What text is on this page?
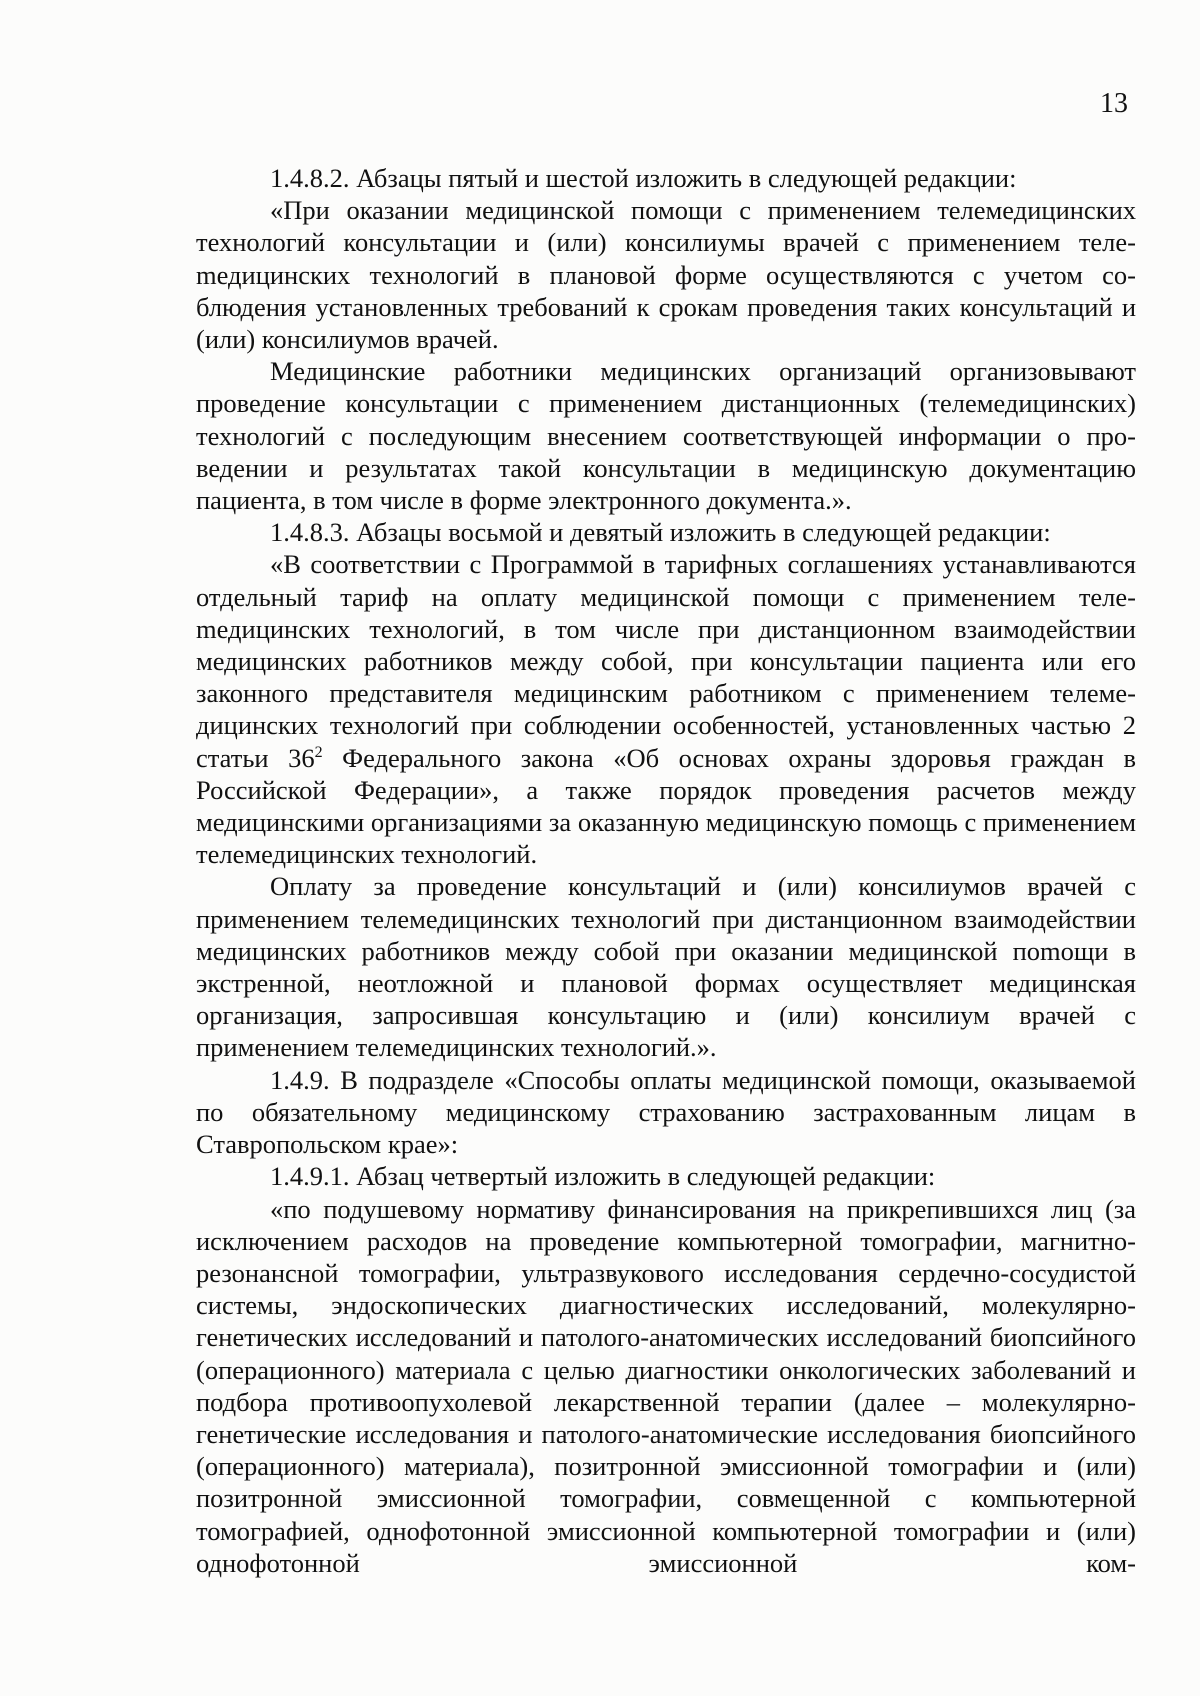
13

1.4.8.2. Абзацы пятый и шестой изложить в следующей редакции:

«При оказании медицинской помощи с применением телемедицинских технологий консультации и (или) консилиумы врачей с применением телеmедицинских технологий в плановой форме осуществляются с учетом соблюдения установленных требований к срокам проведения таких консультаций и (или) консилиумов врачей.

Медицинские работники медицинских организаций организовывают проведение консультации с применением дистанционных (телемедицинских) технологий с последующим внесением соответствующей информации о проведении и результатах такой консультации в медицинскую документацию пациента, в том числе в форме электронного документа.».

1.4.8.3. Абзацы восьмой и девятый изложить в следующей редакции:

«В соответствии с Программой в тарифных соглашениях устанавливаются отдельный тариф на оплату медицинской помощи с применением телеmедицинских технологий, в том числе при дистанционном взаимодействии медицинских работников между собой, при консультации пациента или его законного представителя медицинским работником с применением телемедицинских технологий при соблюдении особенностей, установленных частью 2 статьи $36^2$ Федерального закона «Об основах охраны здоровья граждан в Российской Федерации», а также порядок проведения расчетов между медицинскими организациями за оказанную медицинскую помощь с применением телемедицинских технологий.

Оплату за проведение консультаций и (или) консилиумов врачей с применением телемедицинских технологий при дистанционном взаимодействии медицинских работников между собой при оказании медицинской поmощи в экстренной, неотложной и плановой формах осуществляет медицинская организация, запросившая консультацию и (или) консилиум врачей с применением телемедицинских технологий.».

1.4.9. В подразделе «Способы оплаты медицинской помощи, оказываемой по обязательному медицинскому страхованию застрахованным лицам в Ставропольском крае»:

1.4.9.1. Абзац четвертый изложить в следующей редакции:

«по подушевому нормативу финансирования на прикрепившихся лиц (за исключением расходов на проведение компьютерной томографии, магнитно-резонансной томографии, ультразвукового исследования сердечно-сосудистой системы, эндоскопических диагностических исследований, молекулярно-генетических исследований и патолого-анатомических исследований биопсийного (операционного) материала с целью диагностики онкологических заболеваний и подбора противоопухолевой лекарственной терапии (далее – молекулярно-генетические исследования и патолого-анатомические исследования биопсийного (операционного) материала), позитронной эмиссионной томографии и (или) позитронной эмиссионной томографии, совмещенной с компьютерной томографией, однофотонной эмиссионной компьютерной томографии и (или) однофотонной эмиссионной ком-
